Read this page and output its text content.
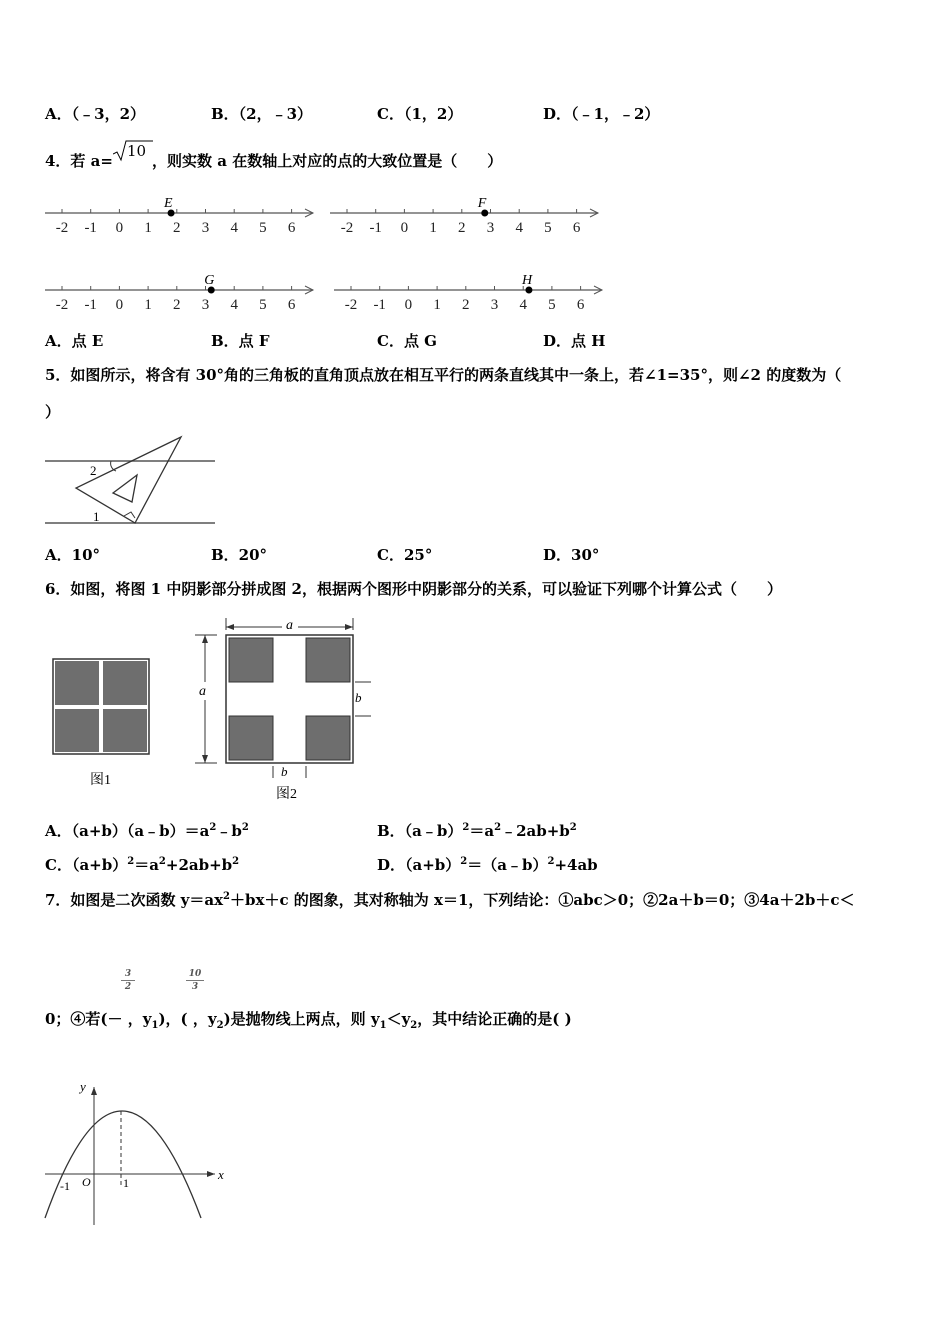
A．（﹣3，2）	B．（2，﹣3）	C．（1，2）	D．（﹣1，﹣2）
4．若 a=
10，则实数 a 在数轴上对应的点的大致位置是（　　）
-2 -1 0 1 2 3 4 5 6
E
-2 -1 0 1 2 3 4 5 6
F
-2 -1 0 1 2 3 4 5 6
G
-2 -1 0 1 2 3 4 5 6
H
A．点 E	B．点 F	C．点 G	D．点 H
5．如图所示，将含有 30°角的三角板的直角顶点放在相互平行的两条直线其中一条上，若∠1=35°，则∠2 的度数为（
）
2
1
A．10°	B．20°	C．25°	D．30°
6．如图，将图 1 中阴影部分拼成图 2，根据两个图形中阴影部分的关系，可以验证下列哪个计算公式（　　）
图1
a
a	b
b
图2
A．$(a+b)(a﹣b)=a^2﹣b^2$	B．$(a﹣b)^2=a^2﹣2ab+b^2$
C．$(a+b)^2=a^2+2ab+b^2$	D．$(a+b)^2=(a﹣b)^2+4ab$
7．如图是二次函数 $y=ax^2+bx+c$ 的图象，其对称轴为 x＝1，下列结论：①abc＞0；②2a＋b＝0；③4a＋2b＋c＜
$\frac{3}{2}$	$\frac{10}{3}$
0；④若(－ ，$y_1$)，( ，$y_2$)是抛物线上两点，则 $y_1<y_2$，其中结论正确的是( )
x
y
-1 O	1
